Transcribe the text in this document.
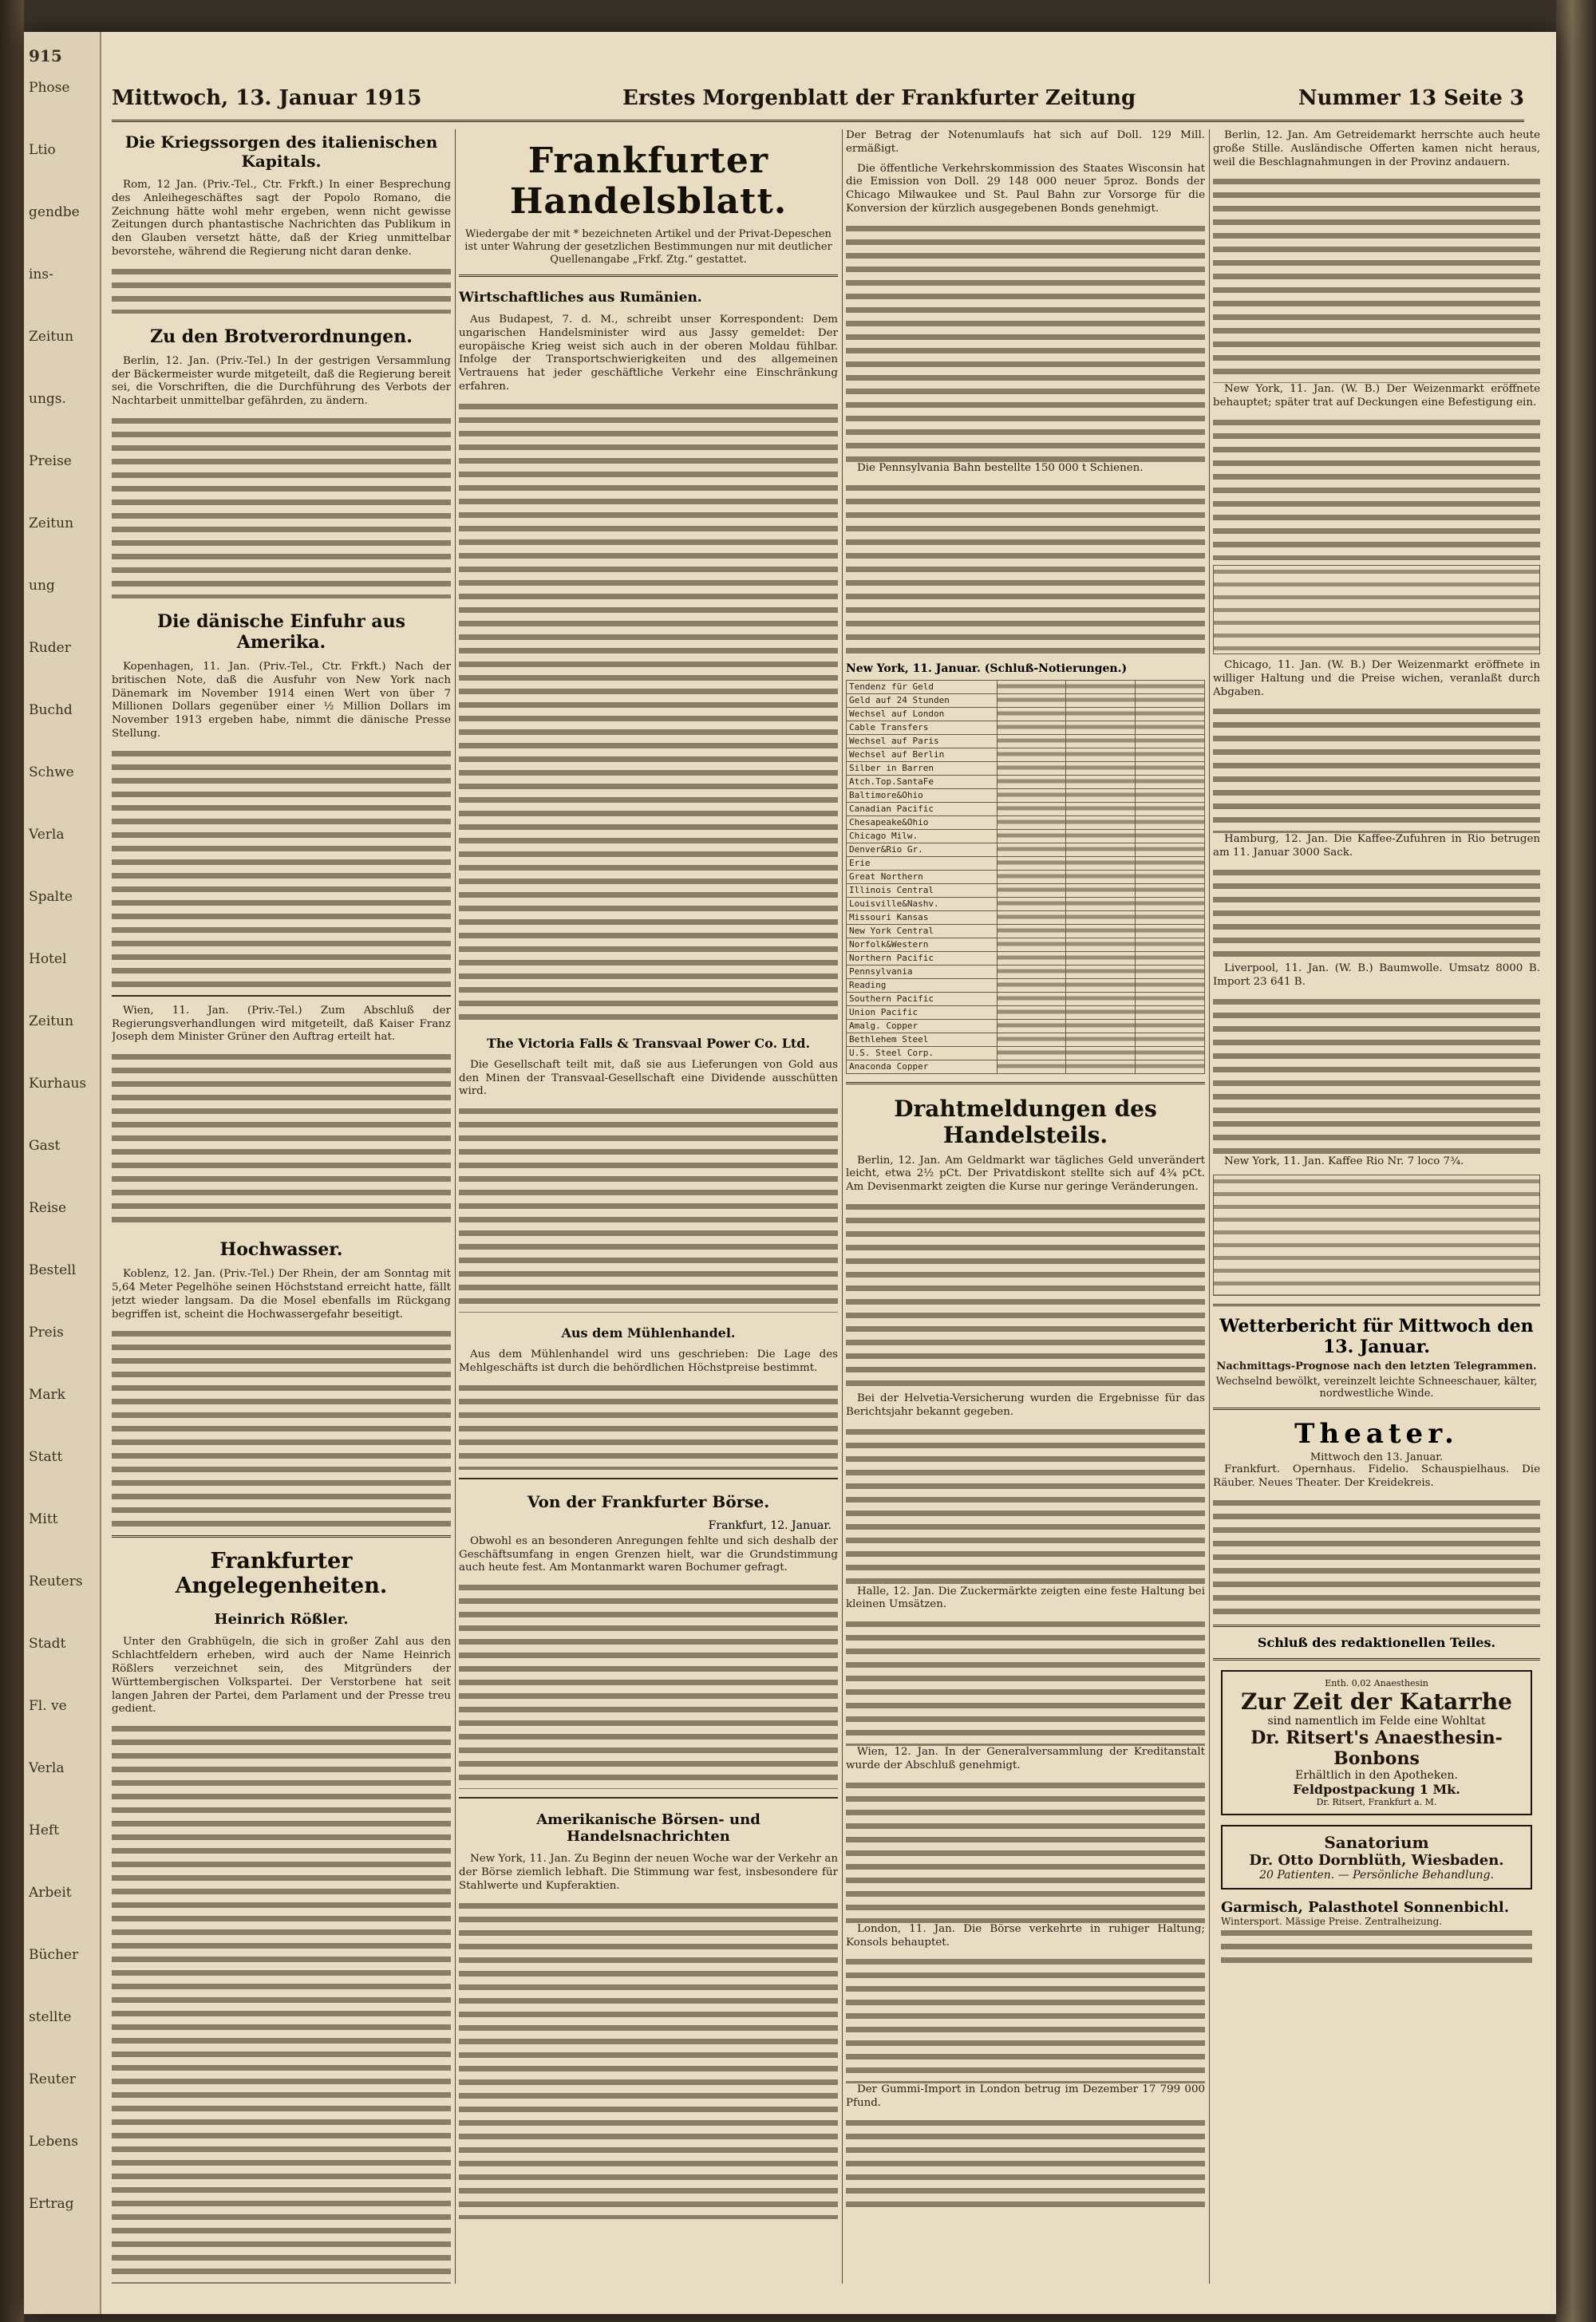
915
Phose
Ltio
gendbe
ins-
Zeitun
ungs.
Preise
Zeitun
ung
Ruder
Buchd
Schwe
Verla
Spalte
Hotel
Zeitun
Kurhaus
Gast
Reise
Bestell
Preis
Mark
Statt
Mitt
Reuters
Stadt
Fl. ve
Verla
Heft
Arbeit
Bücher
stellte
Reuter
Lebens
Ertrag
Mittwoch, 13. Januar 1915	Erstes Morgenblatt der Frankfurter Zeitung	Nummer 13 Seite 3
Die Kriegssorgen des italienischen Kapitals.

Rom, 12 Jan. (Priv.-Tel., Ctr. Frkft.) In einer Besprechung des Anleihegeschäftes sagt der Popolo Romano, die Zeichnung hätte wohl mehr ergeben, wenn nicht gewisse Zeitungen durch phantastische Nachrichten das Publikum in den Glauben versetzt hätte, daß der Krieg unmittelbar bevorstehe, während die Regierung nicht daran denke.

Zu den Brotverordnungen.

Berlin, 12. Jan. (Priv.-Tel.) In der gestrigen Versammlung der Bäckermeister wurde mitgeteilt, daß die Regierung bereit sei, die Vorschriften, die die Durchführung des Verbots der Nachtarbeit unmittelbar gefährden, zu ändern.

Die dänische Einfuhr aus Amerika.

Kopenhagen, 11. Jan. (Priv.-Tel., Ctr. Frkft.) Nach der britischen Note, daß die Ausfuhr von New York nach Dänemark im November 1914 einen Wert von über 7 Millionen Dollars gegenüber einer ½ Million Dollars im November 1913 ergeben habe, nimmt die dänische Presse Stellung.

Wien, 11. Jan. (Priv.-Tel.) Zum Abschluß der Regierungsverhandlungen wird mitgeteilt, daß Kaiser Franz Joseph dem Minister Grüner den Auftrag erteilt hat.

Hochwasser.

Koblenz, 12. Jan. (Priv.-Tel.) Der Rhein, der am Sonntag mit 5,64 Meter Pegelhöhe seinen Höchststand erreicht hatte, fällt jetzt wieder langsam. Da die Mosel ebenfalls im Rückgang begriffen ist, scheint die Hochwassergefahr beseitigt.

Frankfurter Angelegenheiten.
Heinrich Rößler.

Unter den Grabhügeln, die sich in großer Zahl aus den Schlachtfeldern erheben, wird auch der Name Heinrich Rößlers verzeichnet sein, des Mitgründers der Württembergischen Volkspartei. Der Verstorbene hat seit langen Jahren der Partei, dem Parlament und der Presse treu gedient.

Frankfurter Handelsblatt.
Wiedergabe der mit * bezeichneten Artikel und der Privat-Depeschen ist unter Wahrung der gesetzlichen Bestimmungen nur mit deutlicher Quellenangabe „Frkf. Ztg.“ gestattet.
Wirtschaftliches aus Rumänien.

Aus Budapest, 7. d. M., schreibt unser Korrespondent: Dem ungarischen Handelsminister wird aus Jassy gemeldet: Der europäische Krieg weist sich auch in der oberen Moldau fühlbar. Infolge der Transportschwierigkeiten und des allgemeinen Vertrauens hat jeder geschäftliche Verkehr eine Einschränkung erfahren.

The Victoria Falls & Transvaal Power Co. Ltd.

Die Gesellschaft teilt mit, daß sie aus Lieferungen von Gold aus den Minen der Transvaal-Gesellschaft eine Dividende ausschütten wird.

Aus dem Mühlenhandel.

Aus dem Mühlenhandel wird uns geschrieben: Die Lage des Mehlgeschäfts ist durch die behördlichen Höchstpreise bestimmt.

Von der Frankfurter Börse.
Frankfurt, 12. Januar.

Obwohl es an besonderen Anregungen fehlte und sich deshalb der Geschäftsumfang in engen Grenzen hielt, war die Grundstimmung auch heute fest. Am Montanmarkt waren Bochumer gefragt.

Amerikanische Börsen- und Handelsnachrichten

New York, 11. Jan. Zu Beginn der neuen Woche war der Verkehr an der Börse ziemlich lebhaft. Die Stimmung war fest, insbesondere für Stahlwerte und Kupferaktien.

Der Betrag der Notenumlaufs hat sich auf Doll. 129 Mill. ermäßigt.

Die öffentliche Verkehrskommission des Staates Wisconsin hat die Emission von Doll. 29 148 000 neuer 5proz. Bonds der Chicago Milwaukee und St. Paul Bahn zur Vorsorge für die Konversion der kürzlich ausgegebenen Bonds genehmigt.

Die Pennsylvania Bahn bestellte 150 000 t Schienen.

New York, 11. Januar. (Schluß-Notierungen.)
Tendenz für Geld			
Geld auf 24 Stunden			
Wechsel auf London			
Cable Transfers			
Wechsel auf Paris			
Wechsel auf Berlin			
Silber in Barren			
Atch.Top.SantaFe			
Baltimore&Ohio			
Canadian Pacific			
Chesapeake&Ohio			
Chicago Milw.			
Denver&Rio Gr.			
Erie			
Great Northern			
Illinois Central			
Louisville&Nashv.			
Missouri Kansas			
New York Central			
Norfolk&Western			
Northern Pacific			
Pennsylvania			
Reading			
Southern Pacific			
Union Pacific			
Amalg. Copper			
Bethlehem Steel			
U.S. Steel Corp.			
Anaconda Copper			
Drahtmeldungen des Handelsteils.

Berlin, 12. Jan. Am Geldmarkt war tägliches Geld unverändert leicht, etwa 2½ pCt. Der Privatdiskont stellte sich auf 4¾ pCt. Am Devisenmarkt zeigten die Kurse nur geringe Veränderungen.

Bei der Helvetia-Versicherung wurden die Ergebnisse für das Berichtsjahr bekannt gegeben.

Halle, 12. Jan. Die Zuckermärkte zeigten eine feste Haltung bei kleinen Umsätzen.

Wien, 12. Jan. In der Generalversammlung der Kreditanstalt wurde der Abschluß genehmigt.

London, 11. Jan. Die Börse verkehrte in ruhiger Haltung; Konsols behauptet.

Der Gummi-Import in London betrug im Dezember 17 799 000 Pfund.

Berlin, 12. Jan. Am Getreidemarkt herrschte auch heute große Stille. Ausländische Offerten kamen nicht heraus, weil die Beschlagnahmungen in der Provinz andauern.

New York, 11. Jan. (W. B.) Der Weizenmarkt eröffnete behauptet; später trat auf Deckungen eine Befestigung ein.

Chicago, 11. Jan. (W. B.) Der Weizenmarkt eröffnete in williger Haltung und die Preise wichen, veranlaßt durch Abgaben.

Hamburg, 12. Jan. Die Kaffee-Zufuhren in Rio betrugen am 11. Januar 3000 Sack.

Liverpool, 11. Jan. (W. B.) Baumwolle. Umsatz 8000 B. Import 23 641 B.

New York, 11. Jan. Kaffee Rio Nr. 7 loco 7¾.

Wetterbericht für Mittwoch den 13. Januar.
Nachmittags-Prognose nach den letzten Telegrammen.
Wechselnd bewölkt, vereinzelt leichte Schneeschauer, kälter, nordwestliche Winde.
Theater.
Mittwoch den 13. Januar.

Frankfurt. Opernhaus. Fidelio. Schauspielhaus. Die Räuber. Neues Theater. Der Kreidekreis.

Schluß des redaktionellen Teiles.
Enth. 0,02 Anaesthesin
Zur Zeit der Katarrhe
sind namentlich im Felde eine Wohltat
Dr. Ritsert's Anaesthesin-Bonbons
Erhältlich in den Apotheken.
Feldpostpackung 1 Mk.
Dr. Ritsert, Frankfurt a. M.
Sanatorium
Dr. Otto Dornblüth, Wiesbaden.
20 Patienten. — Persönliche Behandlung.
Garmisch, Palasthotel Sonnenbichl.
Wintersport. Mässige Preise. Zentralheizung.
